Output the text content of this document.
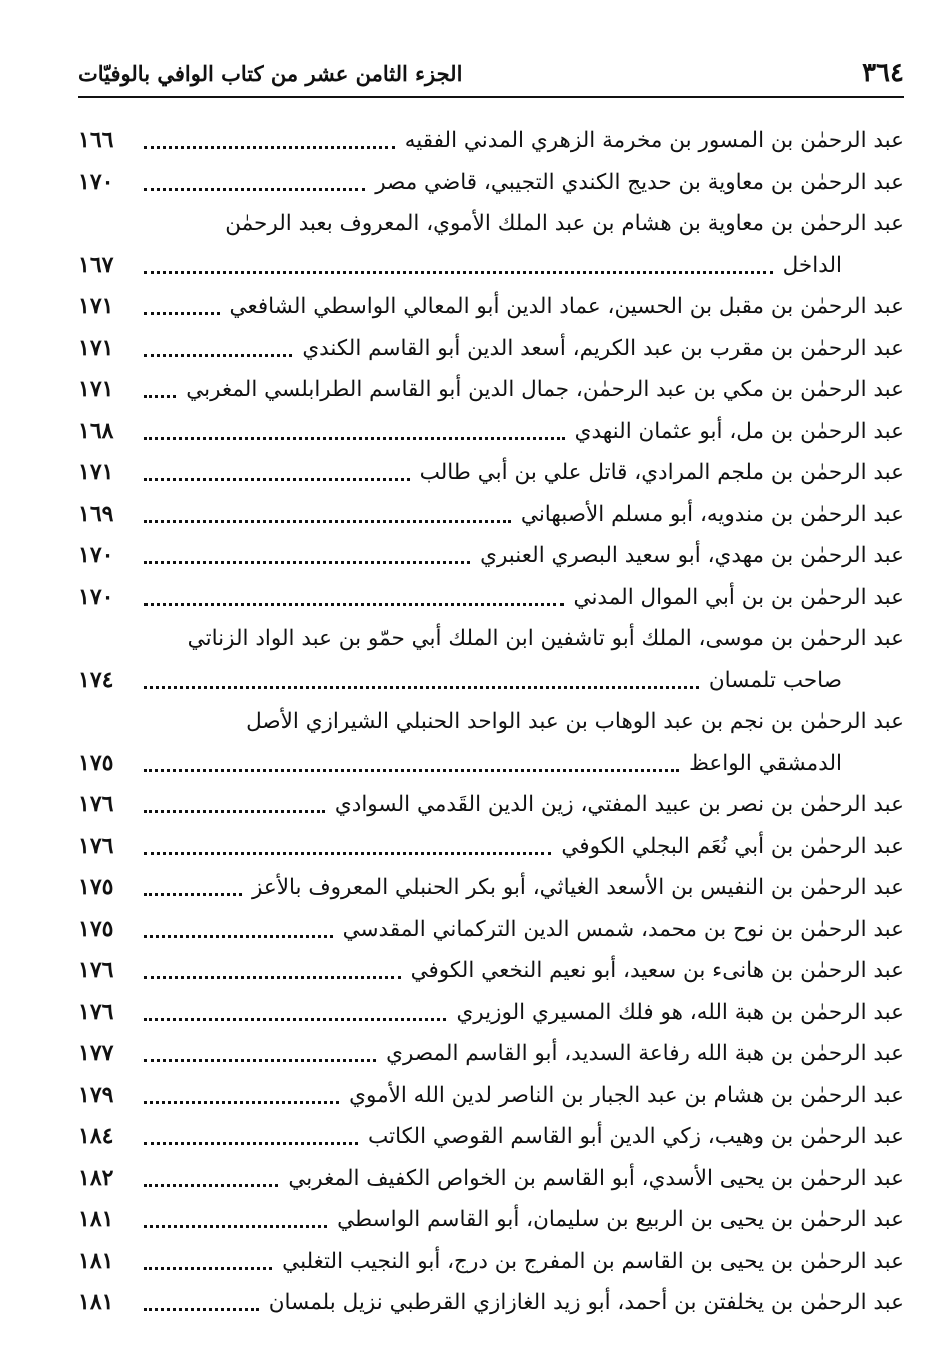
٣٦٤
الجزء الثامن عشر من كتاب الوافي بالوفيّات
عبد الرحمٰن بن المسور بن مخرمة الزهري المدني الفقيه
١٦٦
عبد الرحمٰن بن معاوية بن حديج الكندي التجيبي، قاضي مصر
١٧٠
عبد الرحمٰن بن معاوية بن هشام بن عبد الملك الأموي، المعروف بعبد الرحمٰن
الداخل
١٦٧
عبد الرحمٰن بن مقبل بن الحسين، عماد الدين أبو المعالي الواسطي الشافعي
١٧١
عبد الرحمٰن بن مقرب بن عبد الكريم، أسعد الدين أبو القاسم الكندي
١٧١
عبد الرحمٰن بن مكي بن عبد الرحمٰن، جمال الدين أبو القاسم الطرابلسي المغربي
١٧١
عبد الرحمٰن بن مل، أبو عثمان النهدي
١٦٨
عبد الرحمٰن بن ملجم المرادي، قاتل علي بن أبي طالب
١٧١
عبد الرحمٰن بن مندويه، أبو مسلم الأصبهاني
١٦٩
عبد الرحمٰن بن مهدي، أبو سعيد البصري العنبري
١٧٠
عبد الرحمٰن بن بن أبي الموال المدني
١٧٠
عبد الرحمٰن بن موسى، الملك أبو تاشفين ابن الملك أبي حمّو بن عبد الواد الزناتي
صاحب تلمسان
١٧٤
عبد الرحمٰن بن نجم بن عبد الوهاب بن عبد الواحد الحنبلي الشيرازي الأصل
الدمشقي الواعظ
١٧٥
عبد الرحمٰن بن نصر بن عبيد المفتي، زين الدين القَدمي السوادي
١٧٦
عبد الرحمٰن بن أبي نُعَم البجلي الكوفي
١٧٦
عبد الرحمٰن بن النفيس بن الأسعد الغياثي، أبو بكر الحنبلي المعروف بالأعز
١٧٥
عبد الرحمٰن بن نوح بن محمد، شمس الدين التركماني المقدسي
١٧٥
عبد الرحمٰن بن هانىء بن سعيد، أبو نعيم النخعي الكوفي
١٧٦
عبد الرحمٰن بن هبة الله، هو فلك المسيري الوزيري
١٧٦
عبد الرحمٰن بن هبة الله رفاعة السديد، أبو القاسم المصري
١٧٧
عبد الرحمٰن بن هشام بن عبد الجبار بن الناصر لدين الله الأموي
١٧٩
عبد الرحمٰن بن وهيب، زكي الدين أبو القاسم القوصي الكاتب
١٨٤
عبد الرحمٰن بن يحيى الأسدي، أبو القاسم بن الخواص الكفيف المغربي
١٨٢
عبد الرحمٰن بن يحيى بن الربيع بن سليمان، أبو القاسم الواسطي
١٨١
عبد الرحمٰن بن يحيى بن القاسم بن المفرج بن درج، أبو النجيب التغلبي
١٨١
عبد الرحمٰن بن يخلفتن بن أحمد، أبو زيد الغازازي القرطبي نزيل بلمسان
١٨١
